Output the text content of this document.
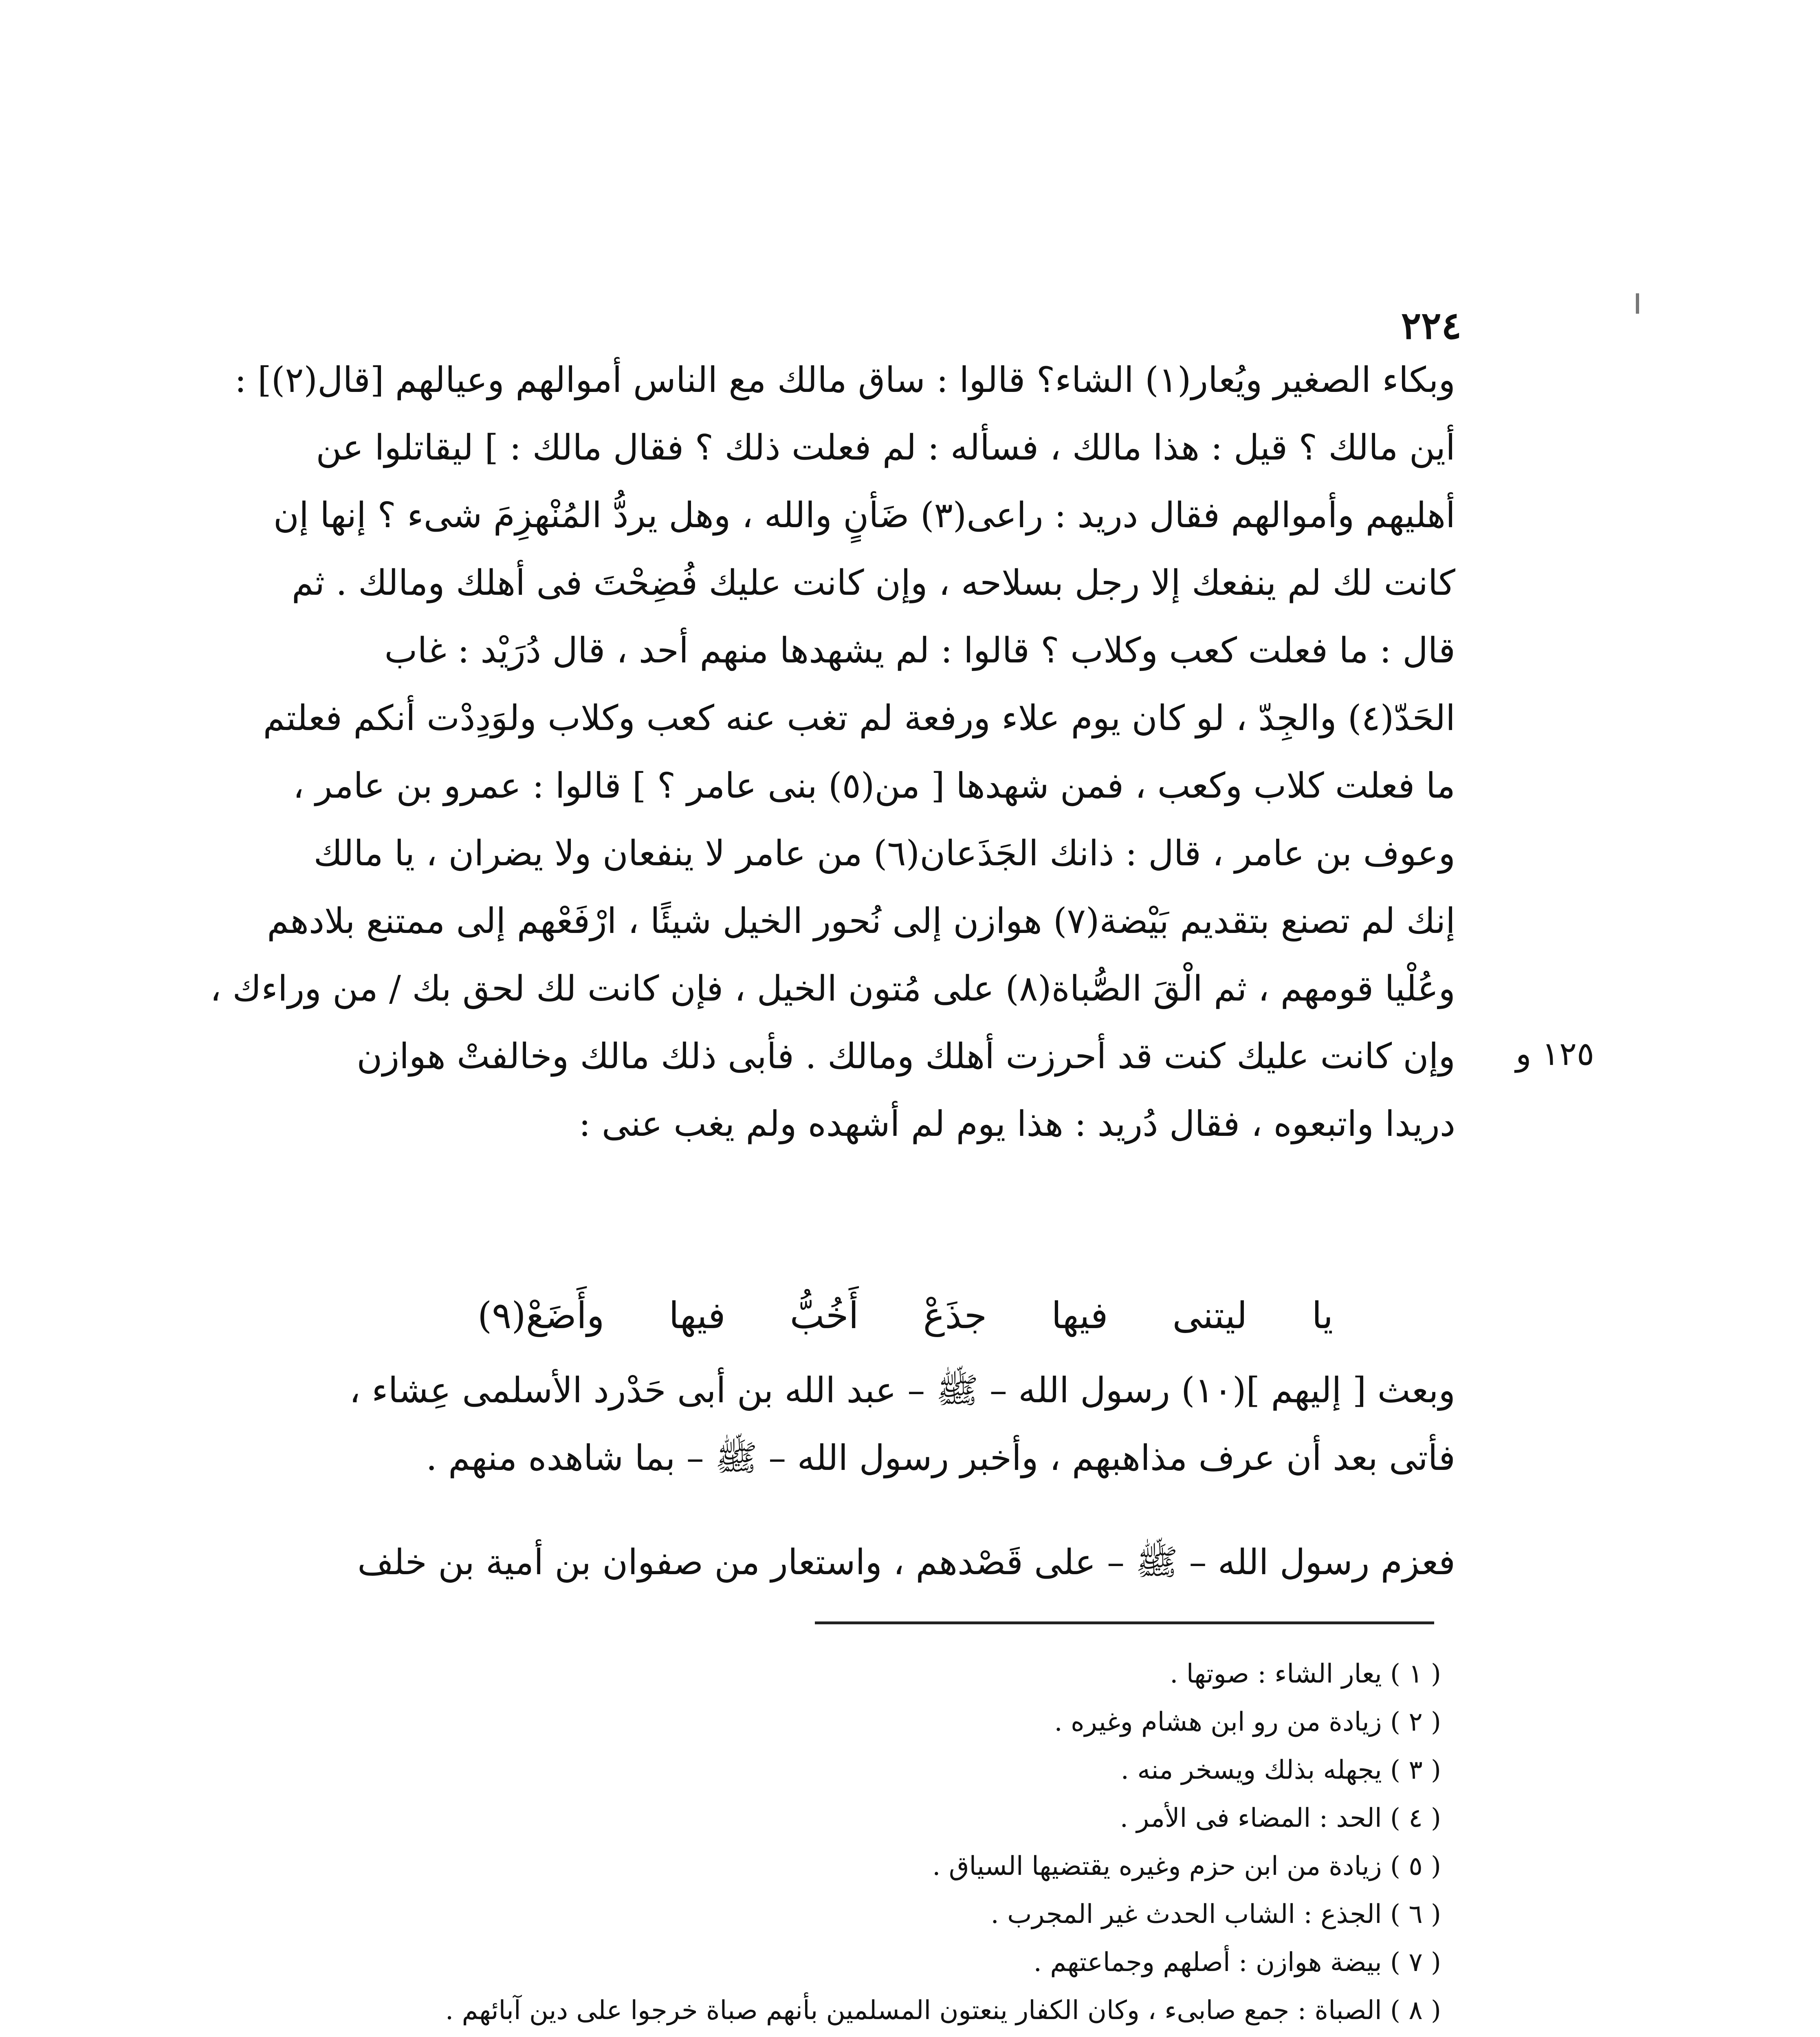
٢٢٤
١٢٥ و
وبكاء الصغير ويُعار(١) الشاء؟ قالوا : ساق مالك مع الناس أموالهم وعيالهم [قال(٢)] :
أين مالك ؟ قيل : هذا مالك ، فسأله : لم فعلت ذلك ؟ فقال مالك : ] ليقاتلوا عن
أهليهم وأموالهم فقال دريد : راعى(٣) ضَأنٍ والله ، وهل يردُّ المُنْهزِمَ شىء ؟ إنها إن
كانت لك لم ينفعك إلا رجل بسلاحه ، وإن كانت عليك فُضِحْتَ فى أهلك ومالك . ثم
قال : ما فعلت كعب وكلاب ؟ قالوا : لم يشهدها منهم أحد ، قال دُرَيْد : غاب
الحَدّ(٤) والجِدّ ، لو كان يوم علاء ورفعة لم تغب عنه كعب وكلاب ولوَدِدْت أنكم فعلتم
ما فعلت كلاب وكعب ، فمن شهدها [ من(٥) بنى عامر ؟ ] قالوا : عمرو بن عامر ،
وعوف بن عامر ، قال : ذانك الجَذَعان(٦) من عامر لا ينفعان ولا يضران ، يا مالك
إنك لم تصنع بتقديم بَيْضة(٧) هوازن إلى نُحور الخيل شيئًا ، ارْفَعْهم إلى ممتنع بلادهم
وعُلْيا قومهم ، ثم الْقَ الصُّباة(٨) على مُتون الخيل ، فإن كانت لك لحق بك / من وراءك ،
وإن كانت عليك كنت قد أحرزت أهلك ومالك . فأبى ذلك مالك وخالفتْ هوازن
دريدا واتبعوه ، فقال دُريد : هذا يوم لم أشهده ولم يغب عنى :
يا
ليتنى
فيها
جذَعْ
أَخُبُّ
فيها
وأَضَعْ(٩)
وبعث [ إليهم ](١٠) رسول الله – ﷺ – عبد الله بن أبى حَدْرد الأسلمى عِشاء ،
فأتى بعد أن عرف مذاهبهم ، وأخبر رسول الله – ﷺ – بما شاهده منهم .
فعزم رسول الله – ﷺ – على قَصْدهم ، واستعار من صفوان بن أمية بن خلف
( ١ ) يعار الشاء : صوتها .
( ٢ ) زيادة من رو ابن هشام وغيره .
( ٣ ) يجهله بذلك ويسخر منه .
( ٤ ) الحد : المضاء فى الأمر .
( ٥ ) زيادة من ابن حزم وغيره يقتضيها السياق .
( ٦ ) الجذع : الشاب الحدث غير المجرب .
( ٧ ) بيضة هوازن : أصلهم وجماعتهم .
( ٨ ) الصباة : جمع صابىء ، وكان الكفار ينعتون المسلمين بأنهم صباة خرجوا على دين آبائهم .
